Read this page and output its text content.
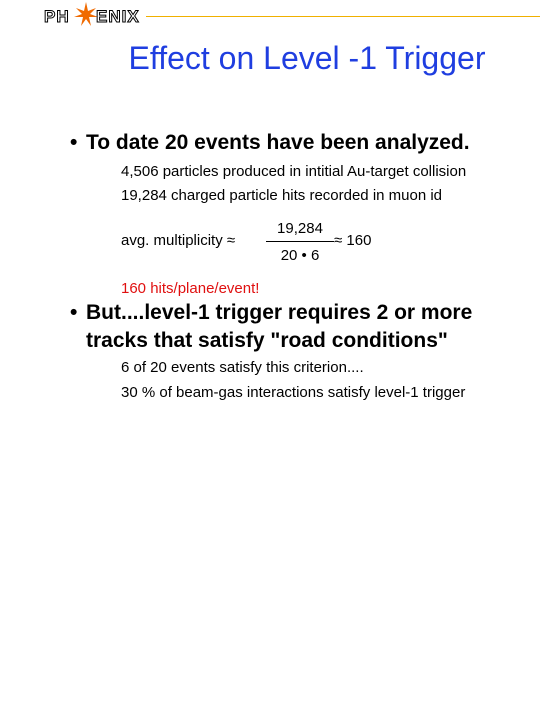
PH ENIX
Effect on Level -1 Trigger
• To date 20 events have been analyzed.
4,506 particles produced in intitial Au-target collision
19,284 charged particle hits recorded in muon id
avg. multiplicity ≈
19,284
20 • 6
≈ 160
160 hits/plane/event!
• But....level-1 trigger requires 2 or more
tracks that satisfy "road conditions"
6 of 20 events satisfy this criterion....
30 % of beam-gas interactions satisfy level-1 trigger
